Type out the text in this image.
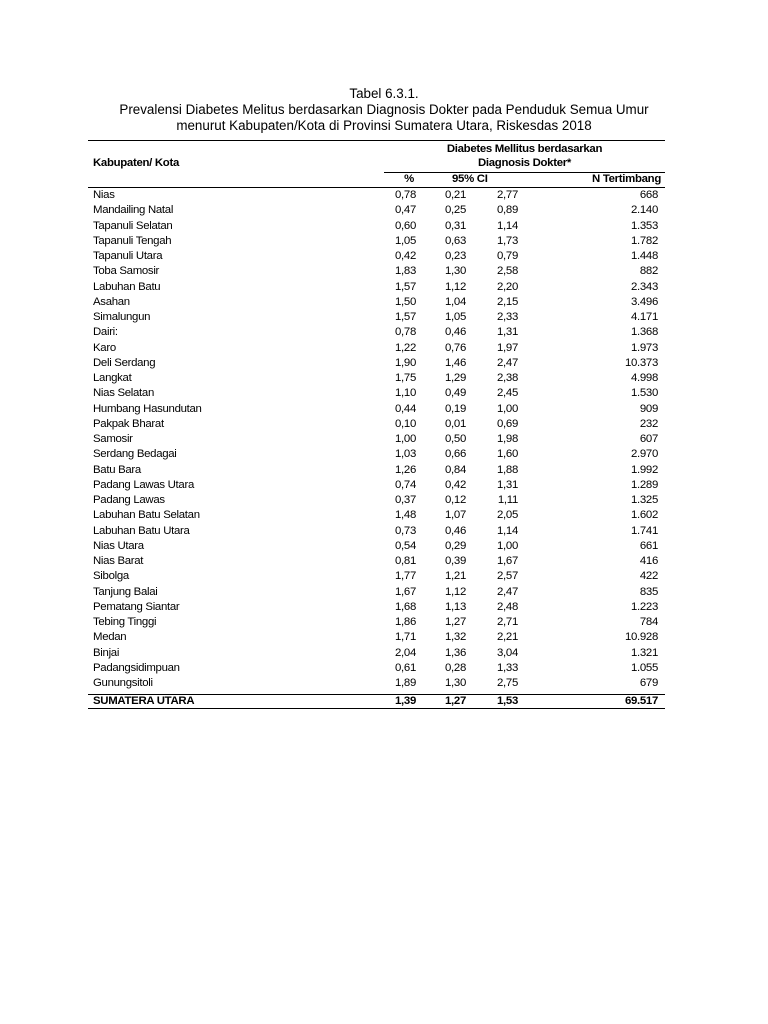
Tabel 6.3.1.
Prevalensi Diabetes Melitus berdasarkan Diagnosis Dokter pada Penduduk Semua Umur
menurut Kabupaten/Kota di Provinsi Sumatera Utara, Riskesdas 2018
Kabupaten/ Kota
Diabetes Mellitus berdasarkan
Diagnosis Dokter*
%	95% CI	N Tertimbang
Nias	0,78	0,21	2,77	668
Mandailing Natal	0,47	0,25	0,89	2.140
Tapanuli Selatan	0,60	0,31	1,14	1.353
Tapanuli Tengah	1,05	0,63	1,73	1.782
Tapanuli Utara	0,42	0,23	0,79	1.448
Toba Samosir	1,83	1,30	2,58	882
Labuhan Batu	1,57	1,12	2,20	2.343
Asahan	1,50	1,04	2,15	3.496
Simalungun	1,57	1,05	2,33	4.171
Dairi:	0,78	0,46	1,31	1.368
Karo	1,22	0,76	1,97	1.973
Deli Serdang	1,90	1,46	2,47	10.373
Langkat	1,75	1,29	2,38	4.998
Nias Selatan	1,10	0,49	2,45	1.530
Humbang Hasundutan	0,44	0,19	1,00	909
Pakpak Bharat	0,10	0,01	0,69	232
Samosir	1,00	0,50	1,98	607
Serdang Bedagai	1,03	0,66	1,60	2.970
Batu Bara	1,26	0,84	1,88	1.992
Padang Lawas Utara	0,74	0,42	1,31	1.289
Padang Lawas	0,37	0,12	1,11	1.325
Labuhan Batu Selatan	1,48	1,07	2,05	1.602
Labuhan Batu Utara	0,73	0,46	1,14	1.741
Nias Utara	0,54	0,29	1,00	661
Nias Barat	0,81	0,39	1,67	416
Sibolga	1,77	1,21	2,57	422
Tanjung Balai	1,67	1,12	2,47	835
Pematang Siantar	1,68	1,13	2,48	1.223
Tebing Tinggi	1,86	1,27	2,71	784
Medan	1,71	1,32	2,21	10.928
Binjai	2,04	1,36	3,04	1.321
Padangsidimpuan	0,61	0,28	1,33	1.055
Gunungsitoli	1,89	1,30	2,75	679
SUMATERA UTARA	1,39	1,27	1,53	69.517
